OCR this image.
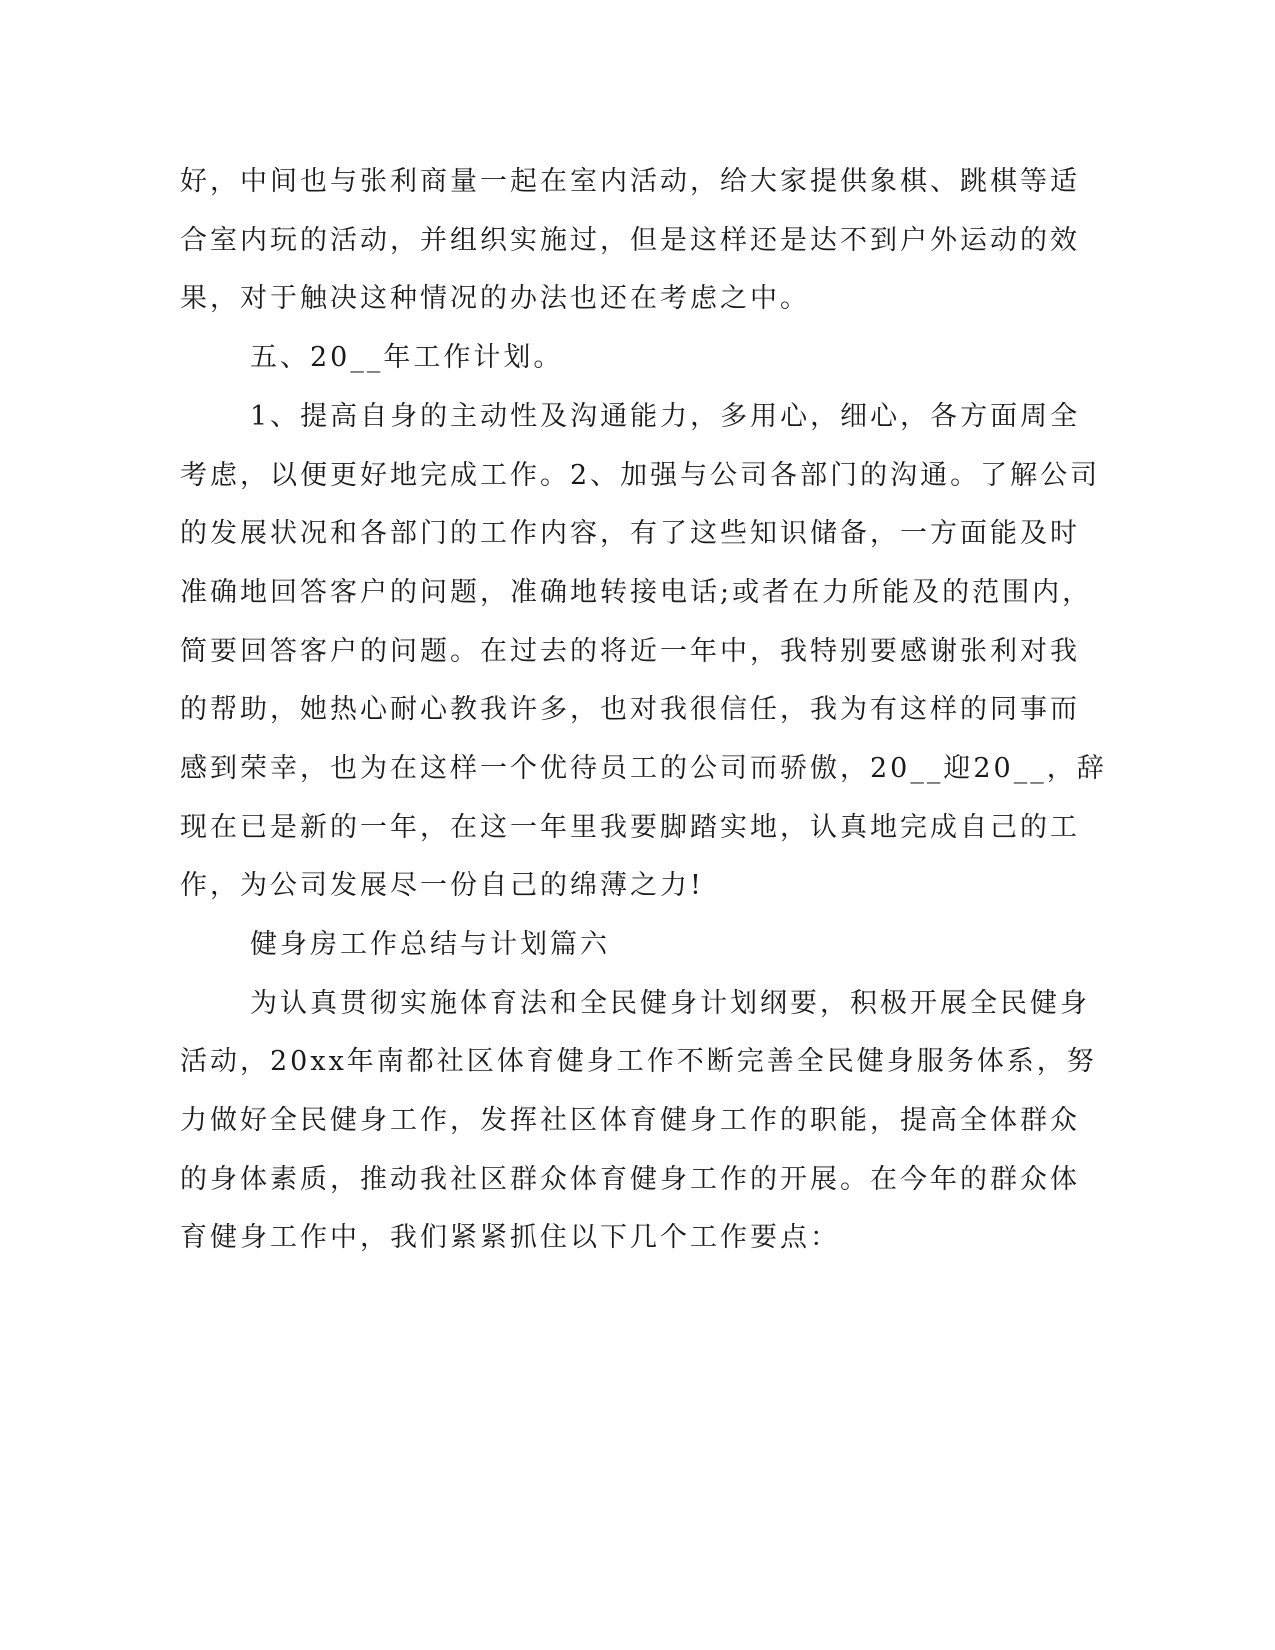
好，中间也与张利商量一起在室内活动，给大家提供象棋、跳棋等适
合室内玩的活动，并组织实施过，但是这样还是达不到户外运动的效
果，对于触决这种情况的办法也还在考虑之中。
五、20__年工作计划。
1、提高自身的主动性及沟通能力，多用心，细心，各方面周全
考虑，以便更好地完成工作。2、加强与公司各部门的沟通。了解公司
的发展状况和各部门的工作内容，有了这些知识储备，一方面能及时
准确地回答客户的问题，准确地转接电话;或者在力所能及的范围内，
简要回答客户的问题。在过去的将近一年中，我特别要感谢张利对我
的帮助，她热心耐心教我许多，也对我很信任，我为有这样的同事而
感到荣幸，也为在这样一个优待员工的公司而骄傲，20__迎20__，辞
现在已是新的一年，在这一年里我要脚踏实地，认真地完成自己的工
作，为公司发展尽一份自己的绵薄之力!
健身房工作总结与计划篇六
为认真贯彻实施体育法和全民健身计划纲要，积极开展全民健身
活动，20xx年南都社区体育健身工作不断完善全民健身服务体系，努
力做好全民健身工作，发挥社区体育健身工作的职能，提高全体群众
的身体素质，推动我社区群众体育健身工作的开展。在今年的群众体
育健身工作中，我们紧紧抓住以下几个工作要点：
